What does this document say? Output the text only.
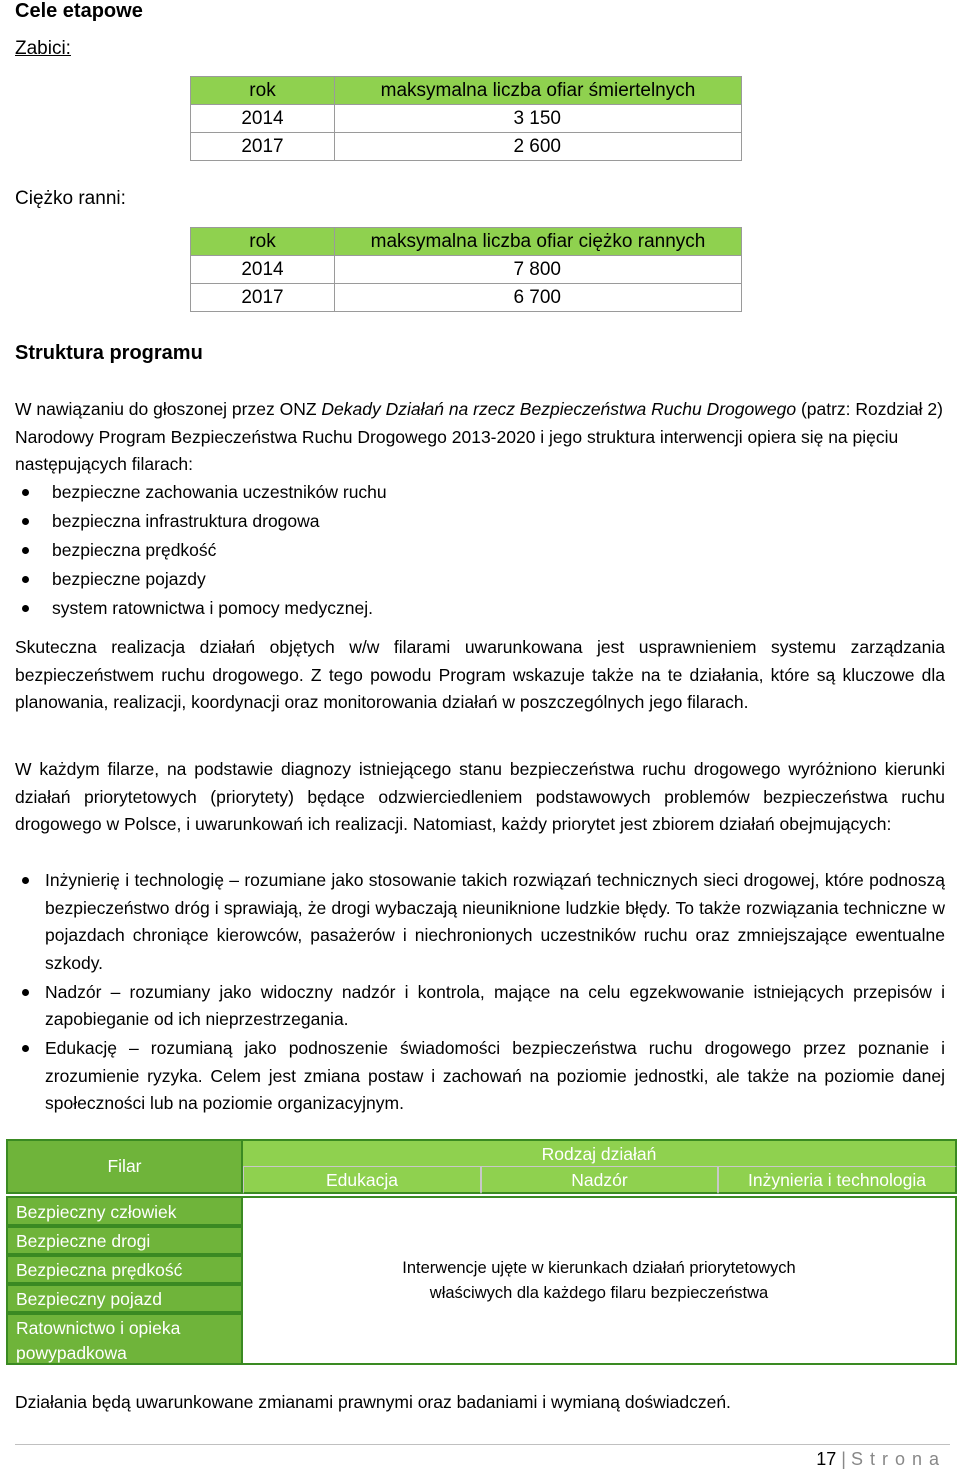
Cele etapowe
Zabici:
rok	maksymalna liczba ofiar śmiertelnych
2014	3 150
2017	2 600
Ciężko ranni:
rok	maksymalna liczba ofiar ciężko rannych
2014	7 800
2017	6 700
Struktura programu
W nawiązaniu do głoszonej przez ONZ Dekady Działań na rzecz Bezpieczeństwa Ruchu Drogowego (patrz: Rozdział 2) Narodowy Program Bezpieczeństwa Ruchu Drogowego 2013-2020 i jego struktura interwencji opiera się na pięciu następujących filarach:
bezpieczne zachowania uczestników ruchu
bezpieczna infrastruktura drogowa
bezpieczna prędkość
bezpieczne pojazdy
system ratownictwa i pomocy medycznej.
Skuteczna realizacja działań objętych w/w filarami uwarunkowana jest usprawnieniem systemu zarządzania bezpieczeństwem ruchu drogowego. Z tego powodu Program wskazuje także na te działania, które są kluczowe dla planowania, realizacji, koordynacji oraz monitorowania działań w poszczególnych jego filarach.
W każdym filarze, na podstawie diagnozy istniejącego stanu bezpieczeństwa ruchu drogowego wyróżniono kierunki działań priorytetowych (priorytety) będące odzwierciedleniem podstawowych problemów bezpieczeństwa ruchu drogowego w Polsce, i uwarunkowań ich realizacji. Natomiast, każdy priorytet jest zbiorem działań obejmujących:
Inżynierię i technologię – rozumiane jako stosowanie takich rozwiązań technicznych sieci drogowej, które podnoszą bezpieczeństwo dróg i sprawiają, że drogi wybaczają nieuniknione ludzkie błędy. To także rozwiązania techniczne w pojazdach chroniące kierowców, pasażerów i niechronionych uczestników ruchu oraz zmniejszające ewentualne szkody.
Nadzór – rozumiany jako widoczny nadzór i kontrola, mające na celu egzekwowanie istniejących przepisów i zapobieganie od ich nieprzestrzegania.
Edukację – rozumianą jako podnoszenie świadomości bezpieczeństwa ruchu drogowego przez poznanie i zrozumienie ryzyka. Celem jest zmiana postaw i zachowań na poziomie jednostki, ale także na poziomie danej społeczności lub na poziomie organizacyjnym.
Filar
Rodzaj działań
Edukacja	Nadzór	Inżynieria i technologia
Bezpieczny człowiek
Bezpieczne drogi
Bezpieczna prędkość
Bezpieczny pojazd
Ratownictwo i opieka powypadkowa
Interwencje ujęte w kierunkach działań priorytetowych
właściwych dla każdego filaru bezpieczeństwa
Działania będą uwarunkowane zmianami prawnymi oraz badaniami i wymianą doświadczeń.
17 | S t r o n a
